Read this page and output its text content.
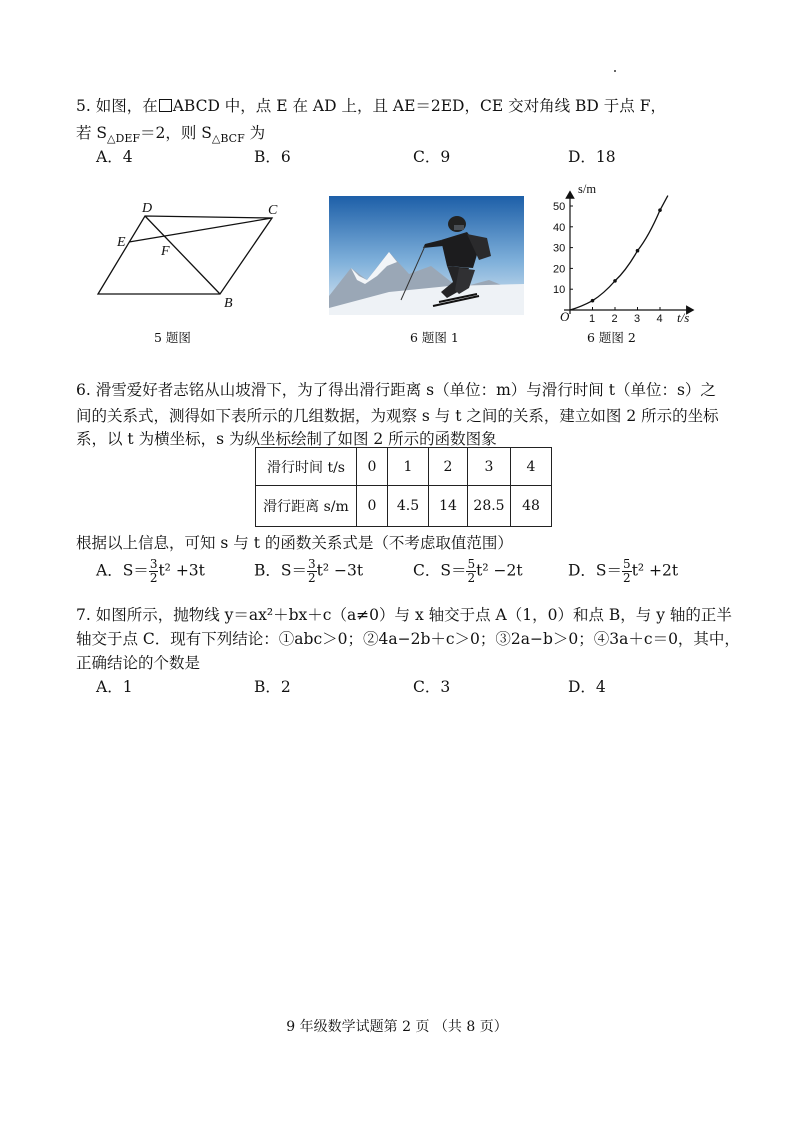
5. 如图，在 ABCD 中，点 E 在 AD 上，且 AE＝2ED，CE 交对角线 BD 于点 F，
若 $S_{\triangle DEF}=2$，则 $S_{\triangle BCF}$ 为
A．4	B．6	C．9	D．18
D	C
E
F
B
5 题图	6 题图 1
1 2 3 4
10
20
30
40
50
O
s/m
t/s
6 题图 2
6. 滑雪爱好者志铭从山坡滑下，为了得出滑行距离 s（单位：m）与滑行时间 t（单位：s）之
间的关系式，测得如下表所示的几组数据，为观察 s 与 t 之间的关系，建立如图 2 所示的坐标
系，以 t 为横坐标，s 为纵坐标绘制了如图 2 所示的函数图象
滑行时间 t/s	0	1	2	3	4
滑行距离 s/m	0	4.5	14	28.5	48
根据以上信息，可知 s 与 t 的函数关系式是（不考虑取值范围）
A．$S= \frac{3}{2} t^2 +3t$	B．$S= \frac{3}{2} t^2 -3t$	C．$S= \frac{5}{2} t^2 -2t$	D．$S= \frac{5}{2} t^2 +2t$
7. 如图所示，抛物线 y＝ax²＋bx＋c（a≠0）与 x 轴交于点 A（1，0）和点 B，与 y 轴的正半
轴交于点 C．现有下列结论：①abc＞0；②4a−2b＋c＞0；③2a−b＞0；④3a＋c＝0，其中，
正确结论的个数是
A．1	B．2	C．3	D．4
9 年级数学试题第 2 页 （共 8 页）
